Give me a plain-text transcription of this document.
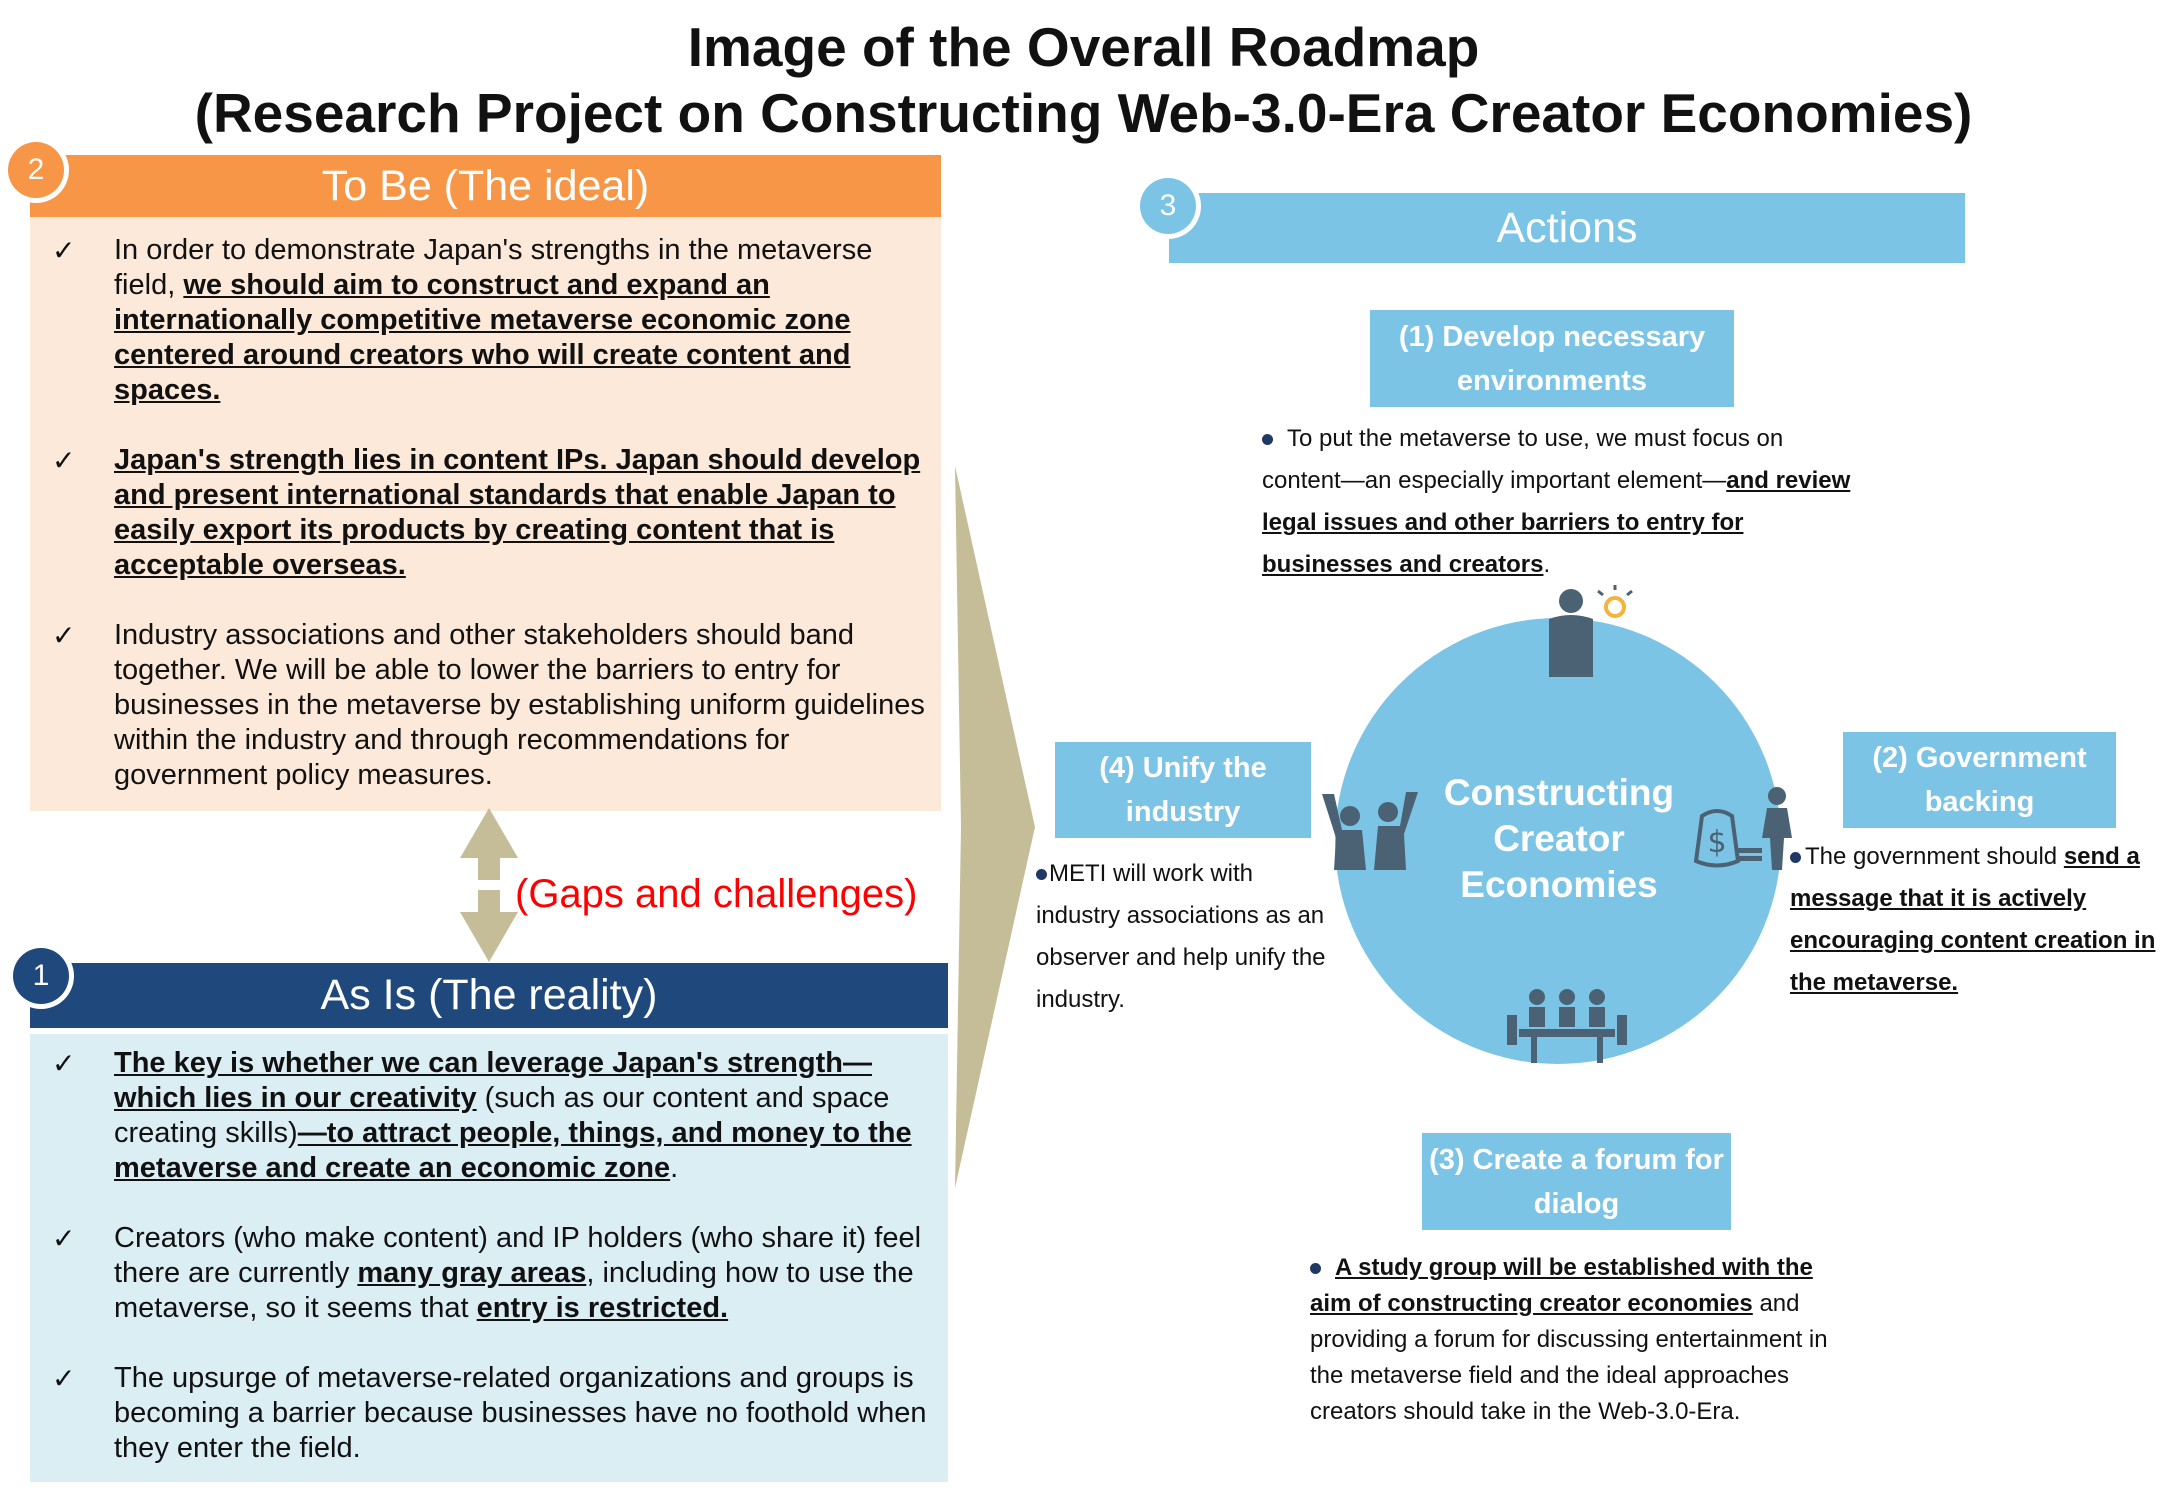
Image of the Overall Roadmap
(Research Project on Constructing Web-3.0-Era Creator Economies)
To Be (The ideal)
2
✓ In order to demonstrate Japan's strengths in the metaverse field, we should aim to construct and expand an internationally competitive metaverse economic zone centered around creators who will create content and spaces.
✓ Japan's strength lies in content IPs. Japan should develop and present international standards that enable Japan to easily export its products by creating content that is acceptable overseas.
✓ Industry associations and other stakeholders should band together. We will be able to lower the barriers to entry for businesses in the metaverse by establishing uniform guidelines within the industry and through recommendations for government policy measures.
(Gaps and challenges)
As Is (The reality)
1
✓ The key is whether we can leverage Japan's strength—which lies in our creativity (such as our content and space creating skills)—to attract people, things, and money to the metaverse and create an economic zone.
✓ Creators (who make content) and IP holders (who share it) feel there are currently many gray areas, including how to use the metaverse, so it seems that entry is restricted.
✓ The upsurge of metaverse-related organizations and groups is becoming a barrier because businesses have no foothold when they enter the field.
Actions
3
Constructing Creator Economies
$
(1) Develop necessary environments
To put the metaverse to use, we must focus on content—an especially important element—and review legal issues and other barriers to entry for businesses and creators.
(2) Government backing
The government should send a message that it is actively encouraging content creation in the metaverse.
(3) Create a forum for dialog
A study group will be established with the aim of constructing creator economies and providing a forum for discussing entertainment in the metaverse field and the ideal approaches creators should take in the Web-3.0-Era.
(4) Unify the industry
METI will work with industry associations as an observer and help unify the industry.
